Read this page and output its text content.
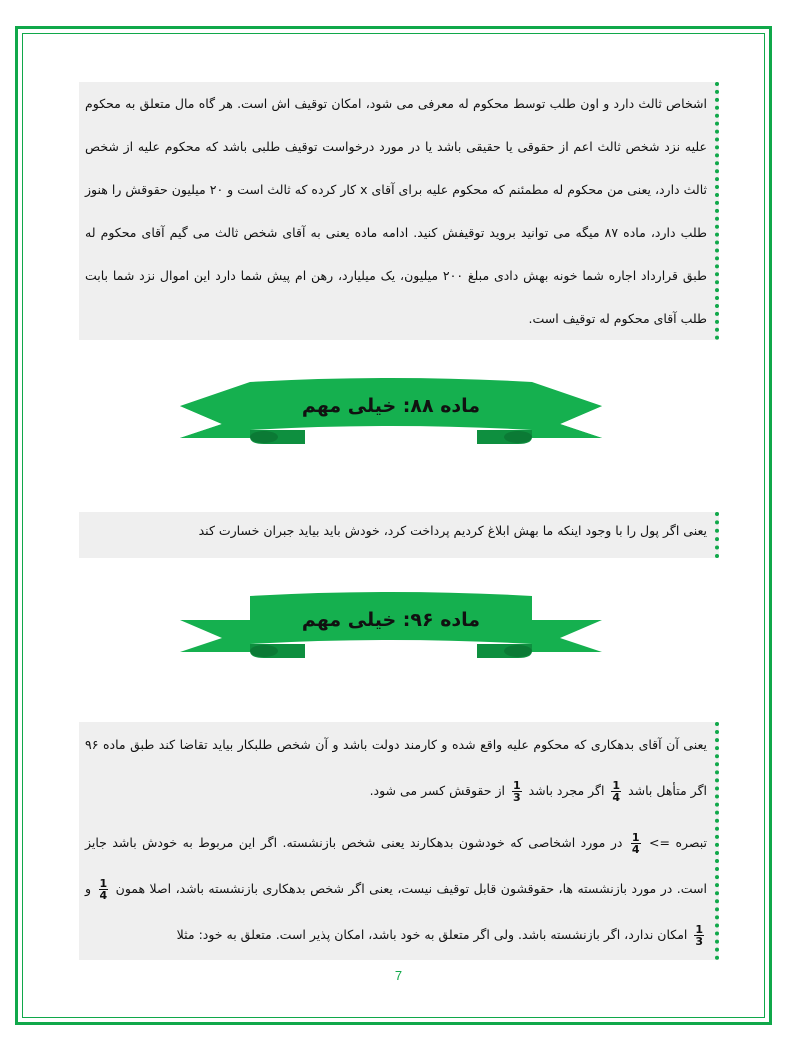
اشخاص ثالث دارد و اون طلب توسط محکوم له معرفی می شود، امکان توقیف اش است. هر گاه مال متعلق به محکوم علیه نزد شخص ثالث اعم از حقوقی یا حقیقی باشد یا در مورد درخواست توقیف طلبی باشد که محکوم علیه از شخص ثالث دارد، یعنی من محکوم له مطمئنم که محکوم علیه برای آقای x کار کرده که ثالث است و ۲۰ میلیون حقوقش را هنوز طلب دارد، ماده ۸۷ میگه می توانید بروید توقیفش کنید. ادامه ماده یعنی به آقای شخص ثالث می گیم آقای محکوم له طبق قرارداد اجاره شما خونه بهش دادی مبلغ ۲۰۰ میلیون، یک میلیارد، رهن ام پیش شما دارد این اموال نزد شما بابت طلب آقای محکوم له توقیف است.

ماده ۸۸: خیلی مهم

یعنی اگر پول را با وجود اینکه ما بهش ابلاغ کردیم پرداخت کرد، خودش باید بیاید جبران خسارت کند

ماده ۹۶: خیلی مهم

یعنی آن آقای بدهکاری که محکوم علیه واقع شده و کارمند دولت باشد و آن شخص طلبکار بیاید تقاضا کند طبق ماده ۹۶ اگر متأهل باشد
$\frac{1}{4}$
اگر مجرد باشد
$\frac{1}{3}$
از حقوقش کسر می شود.

تبصره =>
$\frac{1}{4}$
در مورد اشخاصی که خودشون بدهکارند یعنی شخص بازنشسته. اگر این مربوط به خودش باشد جایز است. در مورد بازنشسته ها، حقوقشون قابل توقیف نیست، یعنی اگر شخص بدهکاری بازنشسته باشد، اصلا همون
$\frac{1}{4}$
و
$\frac{1}{3}$
امکان ندارد، اگر بازنشسته باشد. ولی اگر متعلق به خود باشد، امکان پذیر است. متعلق به خود: مثلا

7
